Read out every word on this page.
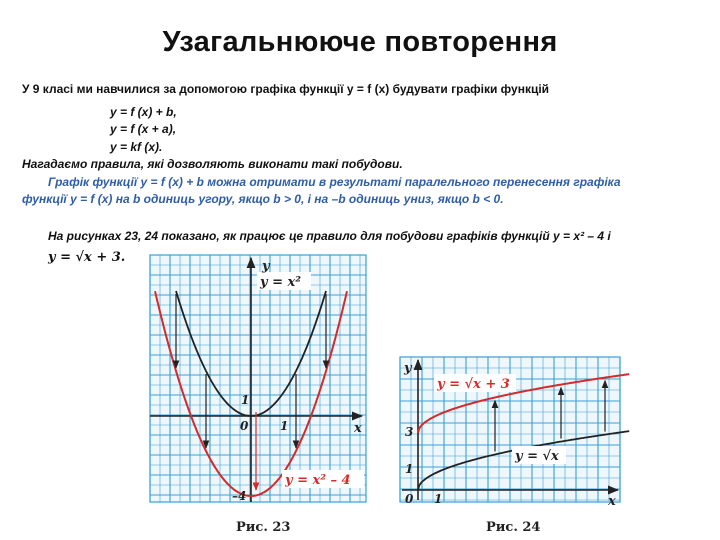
Узагальнююче повторення
У 9 класі ми навчилися за допомогою графіка функції y = f (x) будувати графіки функцій
y = f (x) + b,
y = f (x + a),
y = kf (x).
Нагадаємо правила, які дозволяють виконати такі побудови.
Графік функції y = f (x) + b можна отримати в результаті паралельного перенесення графіка
функції y = f (x) на b одиниць угору, якщо b > 0, і на –b одиниць униз, якщо b < 0.
На рисунках 23, 24 показано, як працює це правило для побудови графіків функцій y = x² – 4 і
y = √x + 3.
y = x²
y = x² – 4
y
x
0	1
1
–4
Рис. 23
y = √x + 3
y = √x
y
x
0 1
1
3
Рис. 24
